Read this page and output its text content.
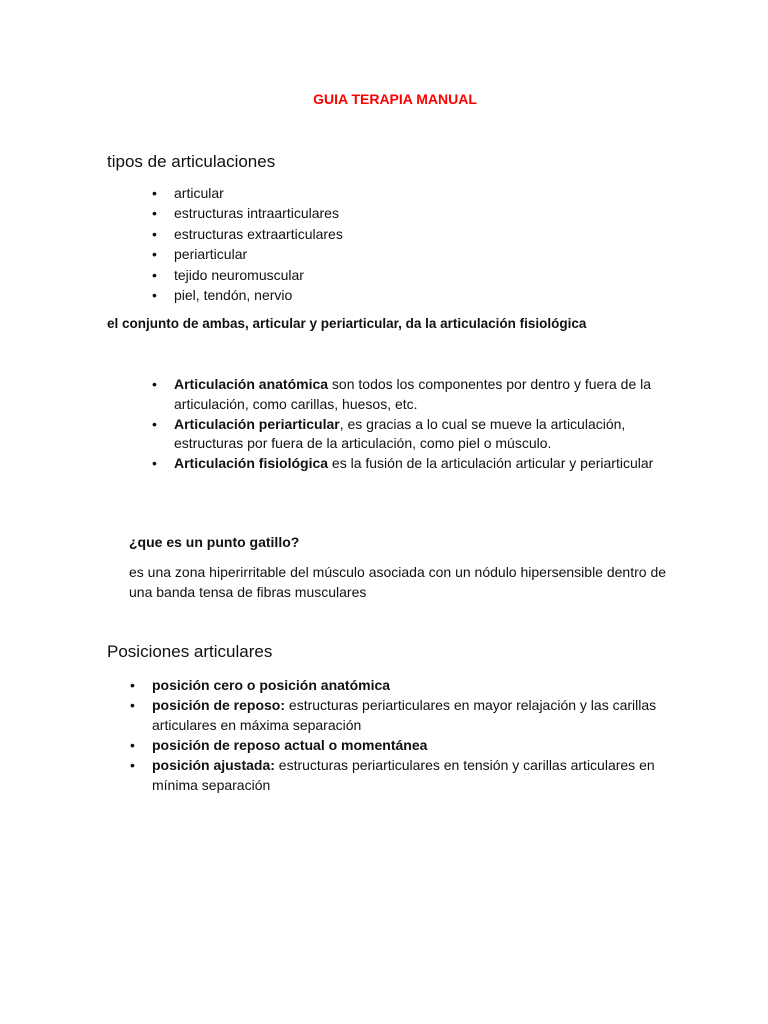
GUIA TERAPIA MANUAL
tipos de articulaciones
• articular
• estructuras intraarticulares
• estructuras extraarticulares
• periarticular
• tejido neuromuscular
• piel, tendón, nervio
el conjunto de ambas, articular y periarticular, da la articulación fisiológica
• Articulación anatómica son todos los componentes por dentro y fuera de la articulación, como carillas, huesos, etc.
• Articulación periarticular, es gracias a lo cual se mueve la articulación, estructuras por fuera de la articulación, como piel o músculo.
• Articulación fisiológica es la fusión de la articulación articular y periarticular
¿que es un punto gatillo?
es una zona hiperirritable del músculo asociada con un nódulo hipersensible dentro de una banda tensa de fibras musculares
Posiciones articulares
• posición cero o posición anatómica
• posición de reposo: estructuras periarticulares en mayor relajación y las carillas articulares en máxima separación
• posición de reposo actual o momentánea
• posición ajustada: estructuras periarticulares en tensión y carillas articulares en mínima separación
